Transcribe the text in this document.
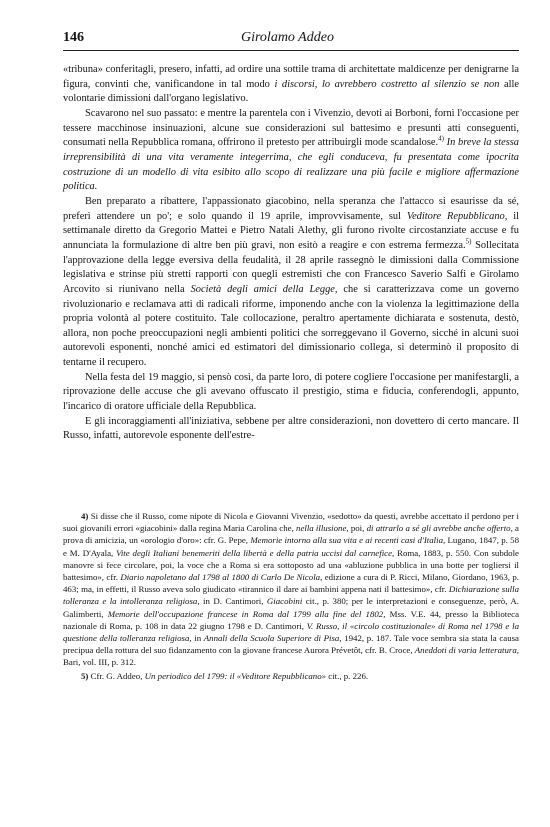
146	Girolamo Addeo

«tribuna» conferitagli, presero, infatti, ad ordire una sottile trama di architettate maldicenze per denigrarne la figura, convinti che, vanificandone in tal modo i discorsi, lo avrebbero costretto al silenzio se non alle volontarie dimissioni dall'organo legislativo.

Scavarono nel suo passato: e mentre la parentela con i Vivenzio, devoti ai Borboni, fornì l'occasione per tessere macchinose insinuazioni, alcune sue considerazioni sul battesimo e presunti atti conseguenti, consumati nella Repubblica romana, offrirono il pretesto per attribuirgli mode scandalose.$^{4)}$ In breve la stessa irreprensibilità di una vita veramente integerrima, che egli conduceva, fu presentata come ipocrita costruzione di un modello di vita esibito allo scopo di realizzare una più facile e migliore affermazione politica.

Ben preparato a ribattere, l'appassionato giacobino, nella speranza che l'attacco si esaurisse da sé, preferì attendere un po'; e solo quando il 19 aprile, improvvisamente, sul Veditore Repubblicano, il settimanale diretto da Gregorio Mattei e Pietro Natali Alethy, gli furono rivolte circostanziate accuse e fu annunciata la formulazione di altre ben più gravi, non esitò a reagire e con estrema fermezza.$^{5)}$ Sollecitata l'approvazione della legge eversiva della feudalità, il 28 aprile rassegnò le dimissioni dalla Commissione legislativa e strinse più stretti rapporti con quegli estremisti che con Francesco Saverio Salfi e Girolamo Arcovito si riunivano nella Società degli amici della Legge, che si caratterizzava come un governo rivoluzionario e reclamava atti di radicali riforme, imponendo anche con la violenza la legittimazione della propria volontà al potere costituito. Tale collocazione, peraltro apertamente dichiarata e sostenuta, destò, allora, non poche preoccupazioni negli ambienti politici che sorreggevano il Governo, sicché in alcuni suoi autorevoli esponenti, nonché amici ed estimatori del dimissionario collega, si determinò il proposito di tentarne il recupero.

Nella festa del 19 maggio, si pensò così, da parte loro, di potere cogliere l'occasione per manifestargli, a riprovazione delle accuse che gli avevano offuscato il prestigio, stima e fiducia, conferendogli, appunto, l'incarico di oratore ufficiale della Repubblica.

E gli incoraggiamenti all'iniziativa, sebbene per altre considerazioni, non dovettero di certo mancare. Il Russo, infatti, autorevole esponente dell'estre-

4) Si disse che il Russo, come nipote di Nicola e Giovanni Vivenzio, «sedotto» da questi, avrebbe accettato il perdono per i suoi giovanili errori «giacobini» dalla regina Maria Carolina che, nella illusione, poi, di attrarlo a sé gli avrebbe anche offerto, a prova di amicizia, un «orologio d'oro»: cfr. G. Pepe, Memorie intorno alla sua vita e ai recenti casi d'Italia, Lugano, 1847, p. 58 e M. D'Ayala, Vite degli Italiani benemeriti della libertà e della patria uccisi dal carnefice, Roma, 1883, p. 550. Con subdole manovre si fece circolare, poi, la voce che a Roma si era sottoposto ad una «abluzione pubblica in una botte per togliersi il battesimo», cfr. Diario napoletano dal 1798 al 1800 di Carlo De Nicola, edizione a cura di P. Ricci, Milano, Giordano, 1963, p. 463; ma, in effetti, il Russo aveva solo giudicato «tirannico il dare ai bambini appena nati il battesimo», cfr. Dichiarazione sulla tolleranza e la intolleranza religiosa, in D. Cantimori, Giacobini cit., p. 380; per le interpretazioni e conseguenze, però, A. Galimberti, Memorie dell'occupazione francese in Roma dal 1799 alla fine del 1802, Mss. V.E. 44, presso la Biblioteca nazionale di Roma, p. 108 in data 22 giugno 1798 e D. Cantimori, V. Russo, il «circolo costituzionale» di Roma nel 1798 e la questione della tolleranza religiosa, in Annali della Scuola Superiore di Pisa, 1942, p. 187. Tale voce sembra sia stata la causa precipua della rottura del suo fidanzamento con la giovane francese Aurora Prévetôt, cfr. B. Croce, Aneddoti di varia letteratura, Bari, vol. III, p. 312.

5) Cfr. G. Addeo, Un periodico del 1799: il «Veditore Repubblicano» cit., p. 226.
